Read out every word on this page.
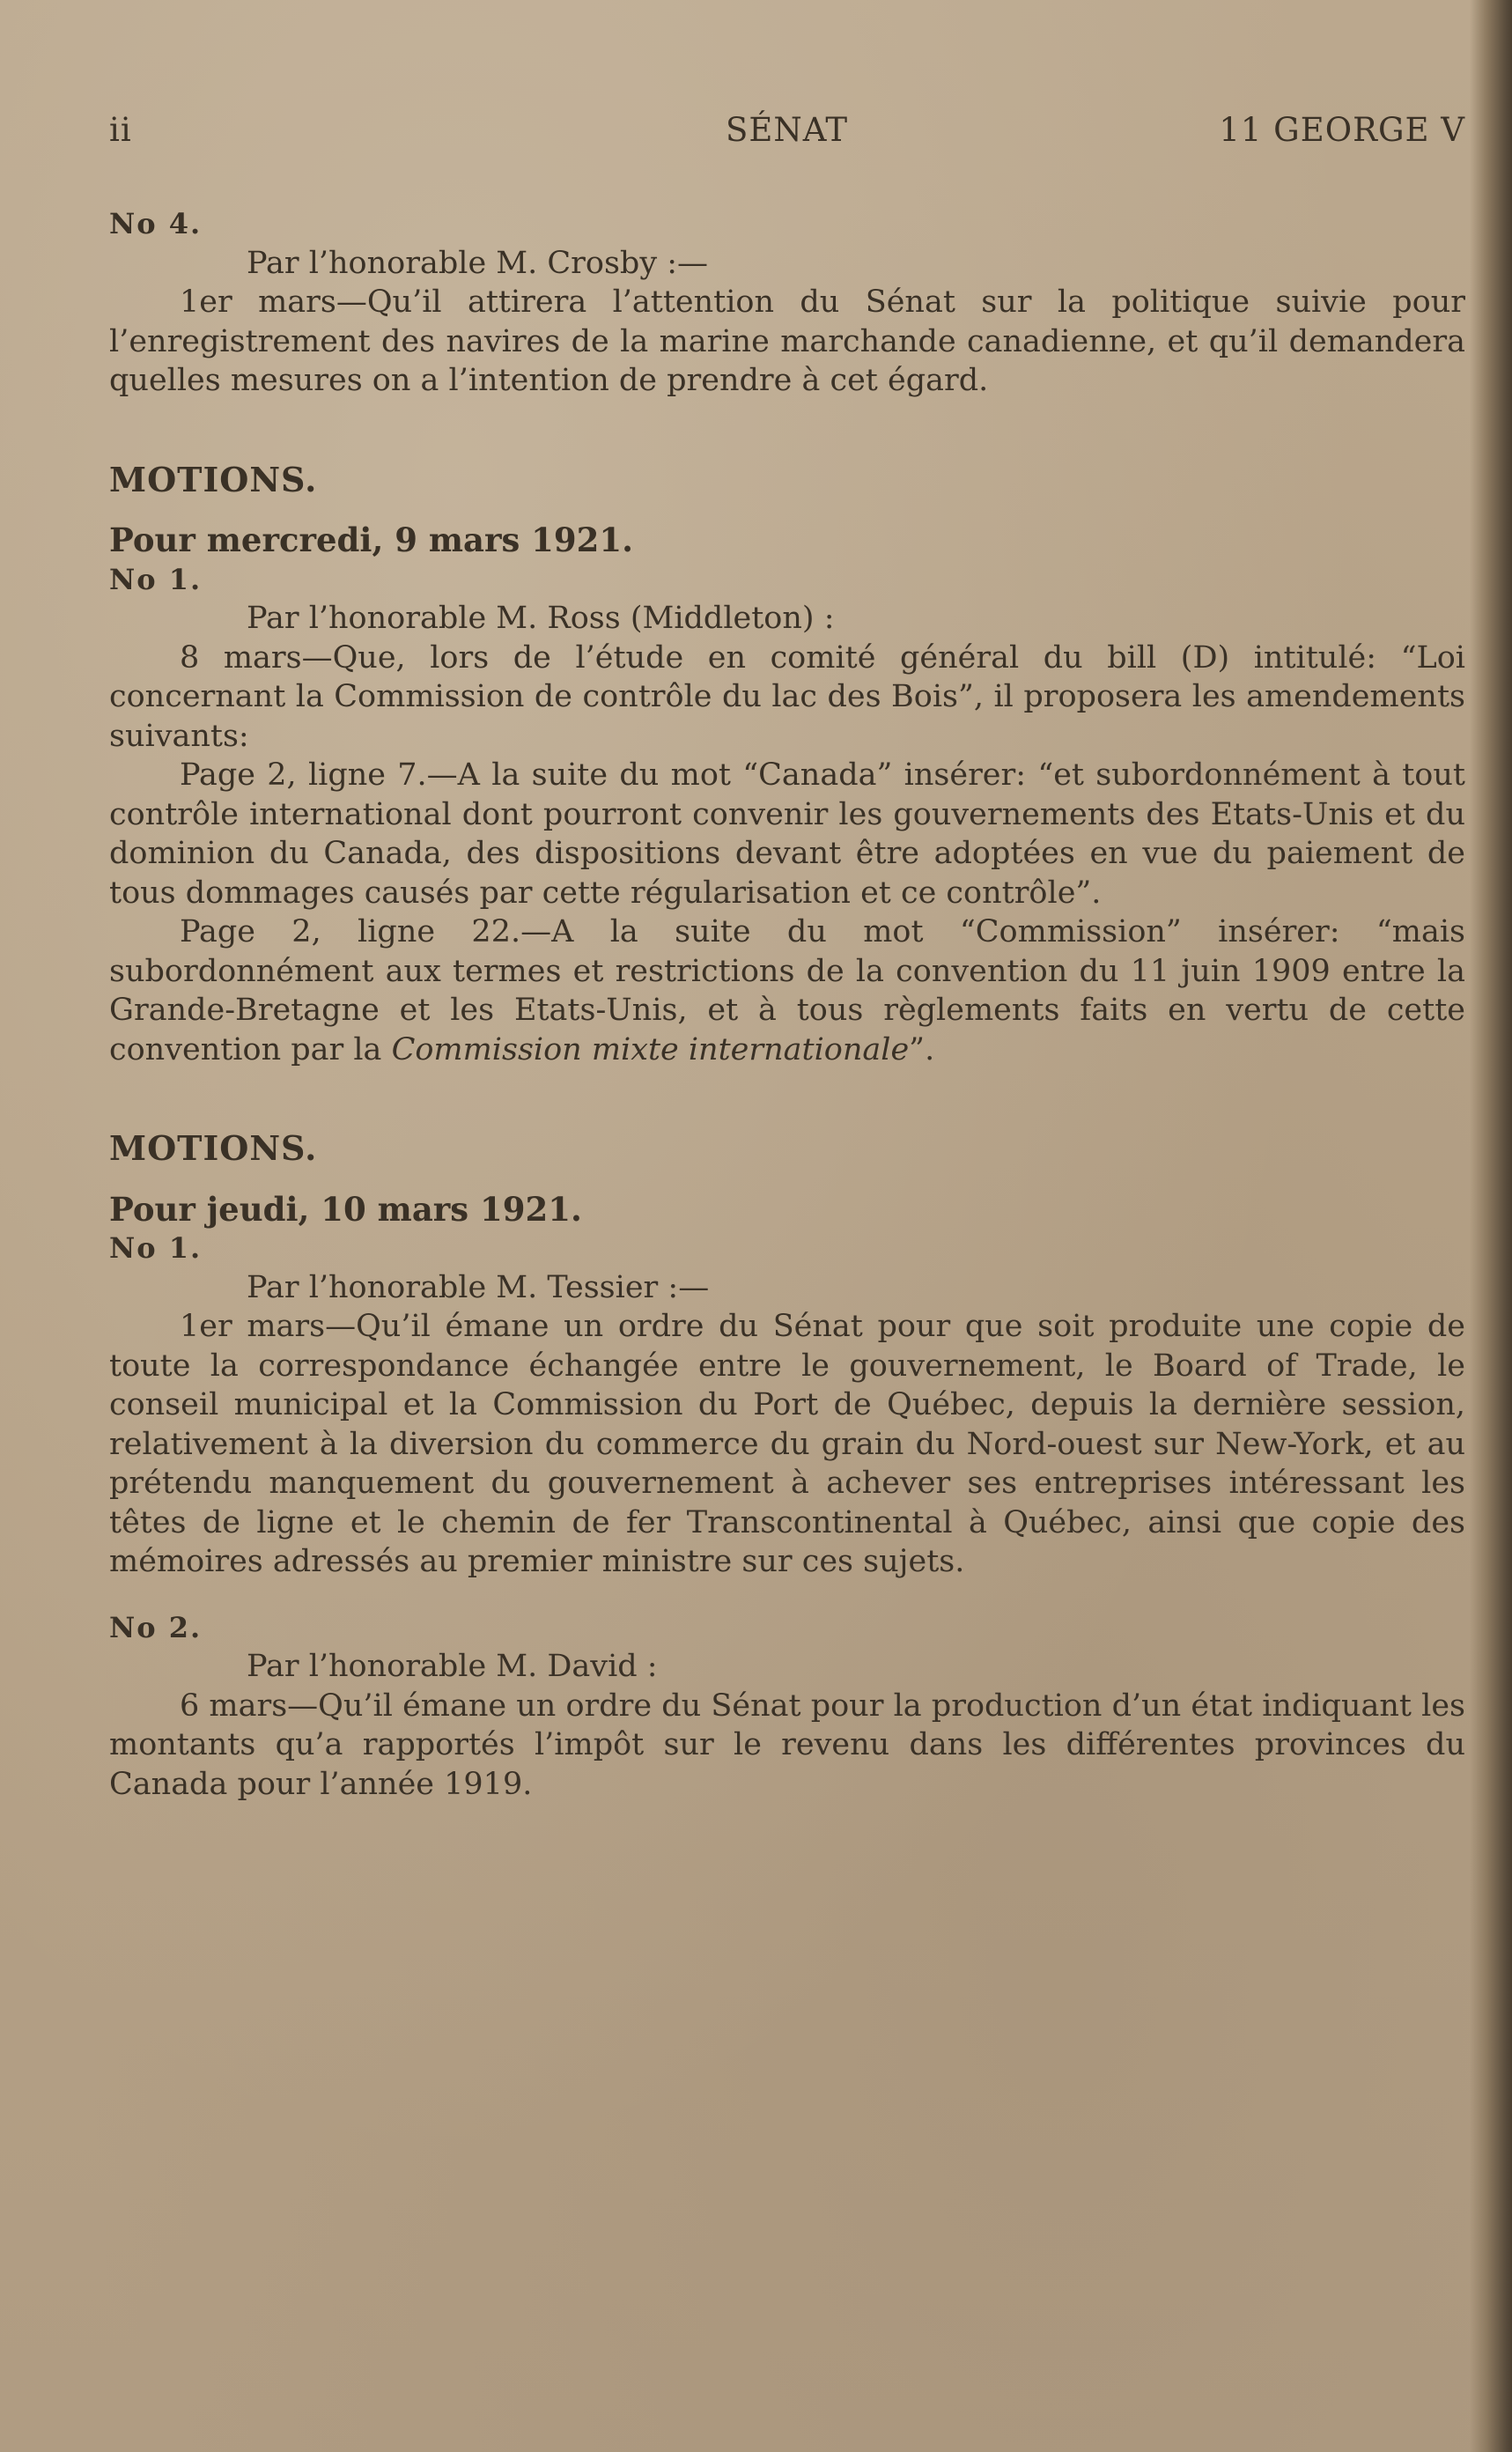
ii	SÉNAT	11 GEORGE V

No 4.

Par l’honorable M. Crosby :—

1er mars—Qu’il attirera l’attention du Sénat sur la politique suivie pour l’enregistrement des navires de la marine marchande canadienne, et qu’il demandera quelles mesures on a l’intention de prendre à cet égard.

MOTIONS.

Pour mercredi, 9 mars 1921.

No 1.

Par l’honorable M. Ross (Middleton) :

8 mars—Que, lors de l’étude en comité général du bill (D) intitulé: “Loi concernant la Commission de contrôle du lac des Bois”, il proposera les amendements suivants:

Page 2, ligne 7.—A la suite du mot “Canada” insérer: “et subordonnément à tout contrôle international dont pourront convenir les gouvernements des Etats-Unis et du dominion du Canada, des dispositions devant être adoptées en vue du paiement de tous dommages causés par cette régularisation et ce contrôle”.

Page 2, ligne 22.—A la suite du mot “Commission” insérer: “mais subordonnément aux termes et restrictions de la convention du 11 juin 1909 entre la Grande-Bretagne et les Etats-Unis, et à tous règlements faits en vertu de cette convention par la Commission mixte internationale”.

MOTIONS.

Pour jeudi, 10 mars 1921.

No 1.

Par l’honorable M. Tessier :—

1er mars—Qu’il émane un ordre du Sénat pour que soit produite une copie de toute la correspondance échangée entre le gouvernement, le Board of Trade, le conseil municipal et la Commission du Port de Québec, depuis la dernière session, relativement à la diversion du commerce du grain du Nord-ouest sur New-York, et au prétendu manquement du gouvernement à achever ses entreprises intéressant les têtes de ligne et le chemin de fer Transcontinental à Québec, ainsi que copie des mémoires adressés au premier ministre sur ces sujets.

No 2.

Par l’honorable M. David :

6 mars—Qu’il émane un ordre du Sénat pour la production d’un état indiquant les montants qu’a rapportés l’impôt sur le revenu dans les différentes provinces du Canada pour l’année 1919.
